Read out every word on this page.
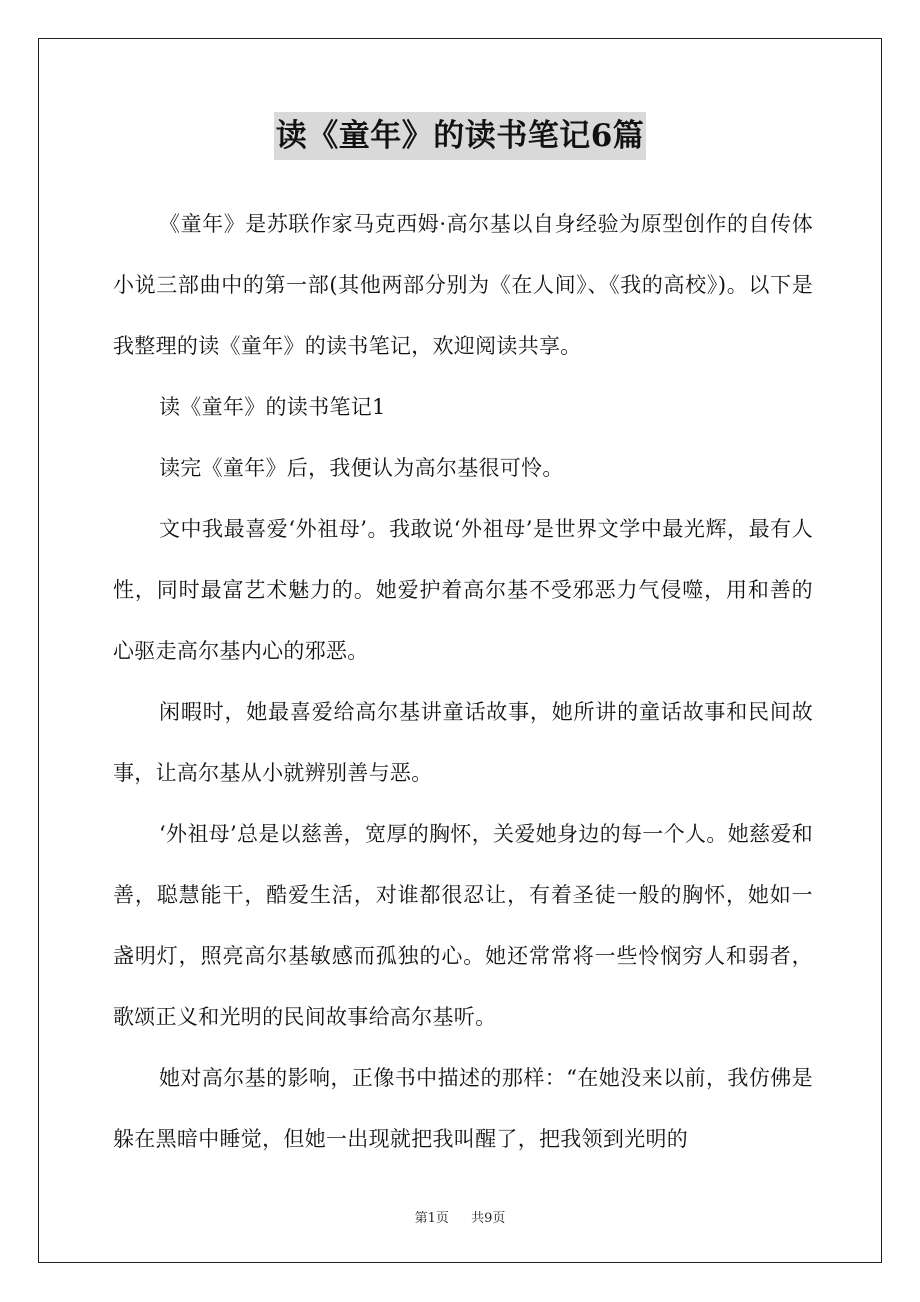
读《童年》的读书笔记6篇

《童年》是苏联作家马克西姆·高尔基以自身经验为原型创作的自传体小说三部曲中的第一部(其他两部分别为《在人间》、《我的高校》)。以下是我整理的读《童年》的读书笔记，欢迎阅读共享。

读《童年》的读书笔记1

读完《童年》后，我便认为高尔基很可怜。

文中我最喜爱‘外祖母’。我敢说‘外祖母’是世界文学中最光辉，最有人性，同时最富艺术魅力的。她爱护着高尔基不受邪恶力气侵噬，用和善的心驱走高尔基内心的邪恶。

闲暇时，她最喜爱给高尔基讲童话故事，她所讲的童话故事和民间故事，让高尔基从小就辨别善与恶。

‘外祖母’总是以慈善，宽厚的胸怀，关爱她身边的每一个人。她慈爱和善，聪慧能干，酷爱生活，对谁都很忍让，有着圣徒一般的胸怀，她如一盏明灯，照亮高尔基敏感而孤独的心。她还常常将一些怜悯穷人和弱者，歌颂正义和光明的民间故事给高尔基听。

她对高尔基的影响，正像书中描述的那样：“在她没来以前，我仿佛是躲在黑暗中睡觉，但她一出现就把我叫醒了，把我领到光明的

第1页 共9页
